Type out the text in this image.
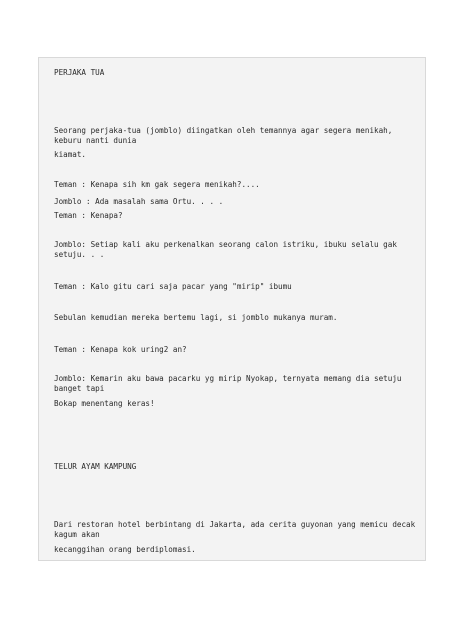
PERJAKA TUA
Seorang perjaka-tua (jomblo) diingatkan oleh temannya agar segera menikah, keburu nanti dunia
kiamat.
Teman : Kenapa sih km gak segera menikah?....
Jomblo : Ada masalah sama Ortu. . . .
Teman : Kenapa?
Jomblo: Setiap kali aku perkenalkan seorang calon istriku, ibuku selalu gak setuju. . .
Teman : Kalo gitu cari saja pacar yang "mirip" ibumu
Sebulan kemudian mereka bertemu lagi, si jomblo mukanya muram.
Teman : Kenapa kok uring2 an?
Jomblo: Kemarin aku bawa pacarku yg mirip Nyokap, ternyata memang dia setuju banget tapi
Bokap menentang keras!
TELUR AYAM KAMPUNG
Dari restoran hotel berbintang di Jakarta, ada cerita guyonan yang memicu decak kagum akan
kecanggihan orang berdiplomasi.
